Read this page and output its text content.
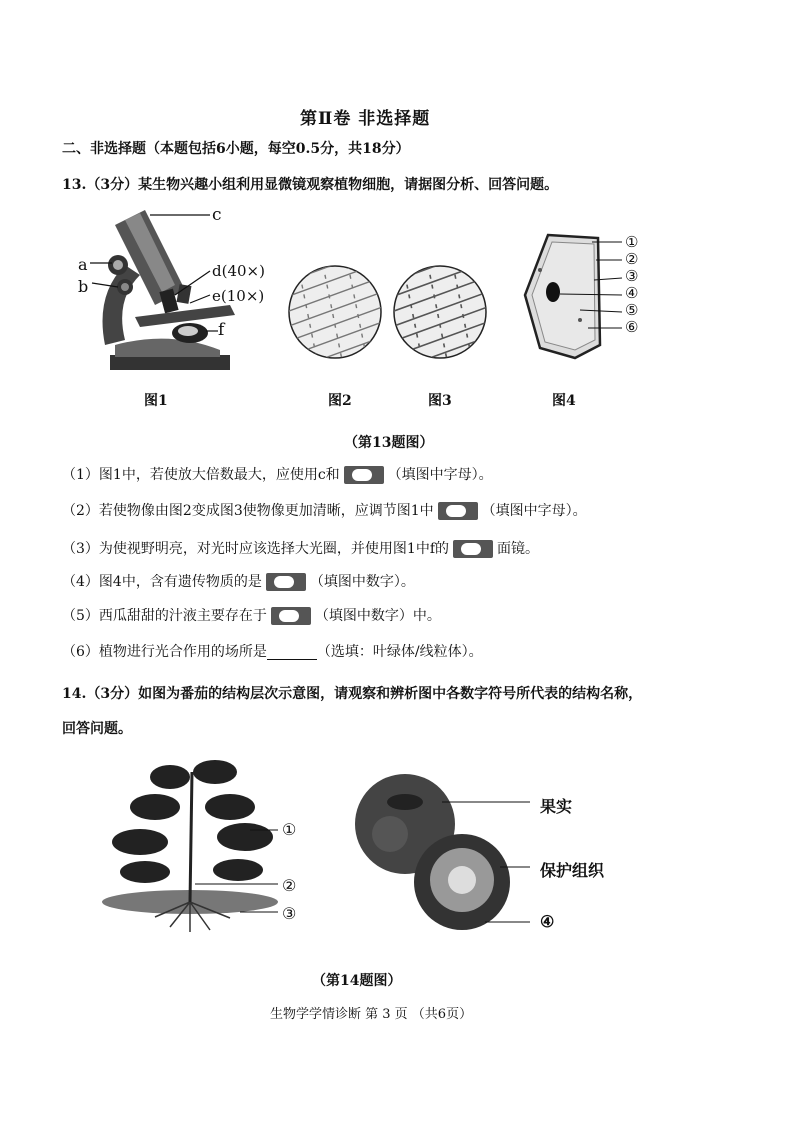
第Ⅱ卷 非选择题
二、非选择题（本题包括6小题，每空0.5分，共18分）
13.（3分）某生物兴趣小组利用显微镜观察植物细胞，请据图分析、回答问题。
c
a
b
d(40×)
e(10×)
f
①
②
③
④
⑤
⑥
图1	图2	图3	图4
（第13题图）
（1）图1中，若使放大倍数最大，应使用c和	（填图中字母）。
（2）若使物像由图2变成图3使物像更加清晰，应调节图1中	（填图中字母）。
（3）为使视野明亮，对光时应该选择大光圈，并使用图1中f的	面镜。
（4）图4中，含有遗传物质的是	（填图中数字）。
（5）西瓜甜甜的汁液主要存在于	（填图中数字）中。
（6）植物进行光合作用的场所是	（选填：叶绿体/线粒体）。
14.（3分）如图为番茄的结构层次示意图，请观察和辨析图中各数字符号所代表的结构名称，
回答问题。
①
②
③
果实
保护组织
④
（第14题图）
生物学学情诊断 第 3 页 （共6页）
